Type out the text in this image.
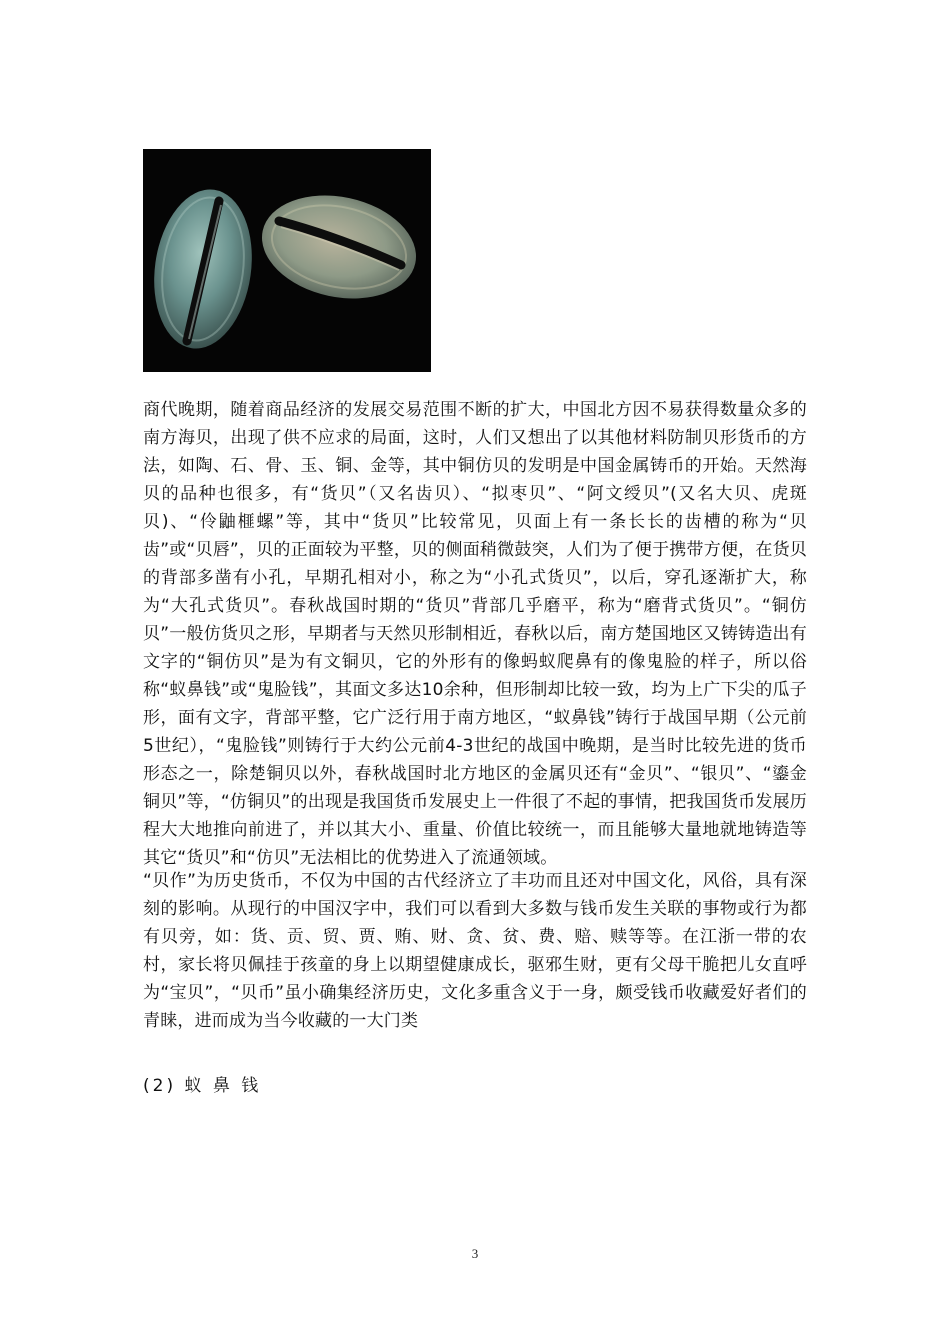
商代晚期，随着商品经济的发展交易范围不断的扩大，中国北方因不易获得数量众多的南方海贝，出现了供不应求的局面，这时，人们又想出了以其他材料防制贝形货币的方法，如陶、石、骨、玉、铜、金等，其中铜仿贝的发明是中国金属铸币的开始。天然海贝的品种也很多，有“货贝”（又名齿贝）、“拟枣贝”、“阿文绶贝”(又名大贝、虎斑贝)、“伶鼬榧螺”等，其中“货贝”比较常见，贝面上有一条长长的齿槽的称为“贝齿”或“贝唇”，贝的正面较为平整，贝的侧面稍微鼓突，人们为了便于携带方便，在货贝的背部多凿有小孔，早期孔相对小，称之为“小孔式货贝”，以后，穿孔逐渐扩大，称为“大孔式货贝”。春秋战国时期的“货贝”背部几乎磨平，称为“磨背式货贝”。“铜仿贝”一般仿货贝之形，早期者与天然贝形制相近，春秋以后，南方楚国地区又铸铸造出有文字的“铜仿贝”是为有文铜贝，它的外形有的像蚂蚁爬鼻有的像鬼脸的样子，所以俗称“蚁鼻钱”或“鬼脸钱”，其面文多达10余种，但形制却比较一致，均为上广下尖的瓜子形，面有文字，背部平整，它广泛行用于南方地区，“蚁鼻钱”铸行于战国早期（公元前5世纪），“鬼脸钱”则铸行于大约公元前4-3世纪的战国中晚期，是当时比较先进的货币形态之一，除楚铜贝以外，春秋战国时北方地区的金属贝还有“金贝”、“银贝”、“鎏金铜贝”等，“仿铜贝”的出现是我国货币发展史上一件很了不起的事情，把我国货币发展历程大大地推向前进了，并以其大小、重量、价值比较统一，而且能够大量地就地铸造等其它“货贝”和“仿贝”无法相比的优势进入了流通领域。

“贝作”为历史货币，不仅为中国的古代经济立了丰功而且还对中国文化，风俗，具有深刻的影响。从现行的中国汉字中，我们可以看到大多数与钱币发生关联的事物或行为都有贝旁，如：货、贡、贸、贾、贿、财、贪、贫、费、赔、赎等等。在江浙一带的农村，家长将贝佩挂于孩童的身上以期望健康成长，驱邪生财，更有父母干脆把儿女直呼为“宝贝”，“贝币”虽小确集经济历史，文化多重含义于一身，颇受钱币收藏爱好者们的青睐，进而成为当今收藏的一大门类

(2) 蚁 鼻 钱

3
